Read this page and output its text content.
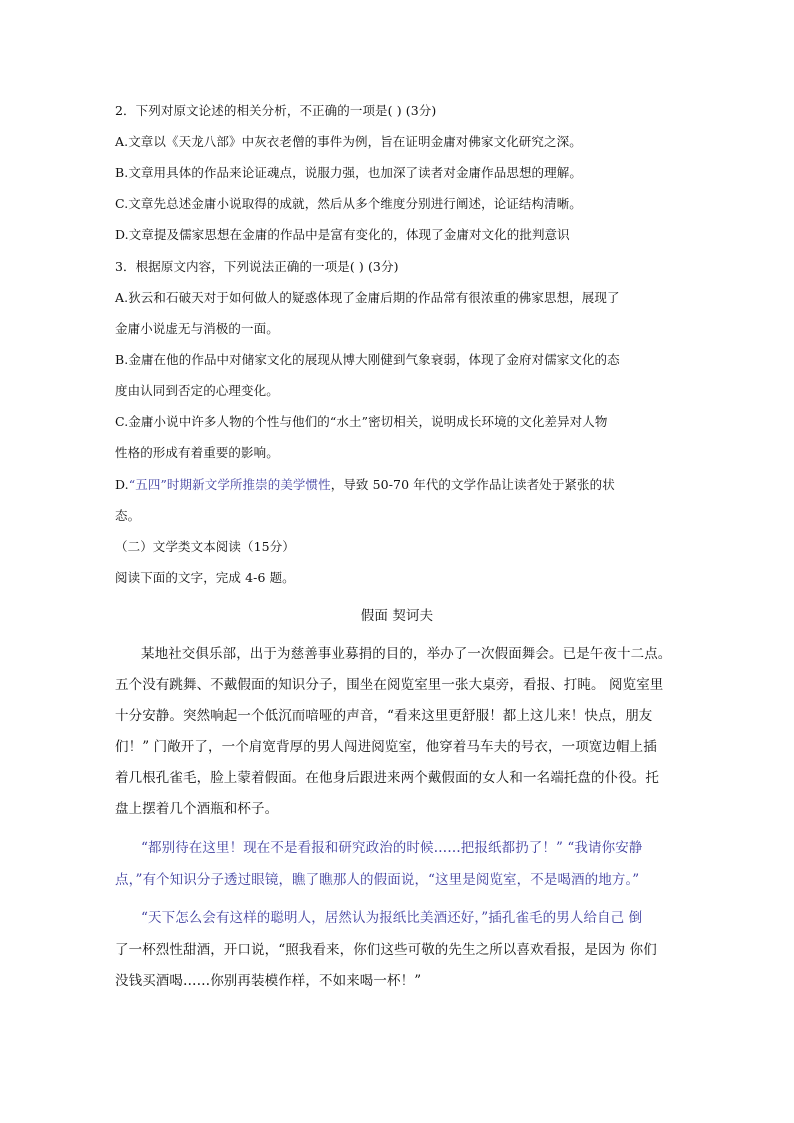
2．下列对原文论述的相关分析，不正确的一项是( ) (3分)
A.文章以《天龙八部》中灰衣老僧的事件为例，旨在证明金庸对佛家文化研究之深。
B.文章用具体的作品来论证魂点，说服力强，也加深了读者对金庸作品思想的理解。
C.文章先总述金庸小说取得的成就，然后从多个维度分别进行阐述，论证结构清晰。
D.文章提及儒家思想在金庸的作品中是富有变化的，体现了金庸对文化的批判意识
3．根据原文内容，下列说法正确的一项是( ) (3分)
A.狄云和石破天对于如何做人的疑惑体现了金庸后期的作品常有很浓重的佛家思想，展现了
金庸小说虚无与消极的一面。
B.金庸在他的作品中对储家文化的展现从博大刚健到气象衰弱，体现了金府对儒家文化的态
度由认同到否定的心理变化。
C.金庸小说中许多人物的个性与他们的“水土”密切相关，说明成长环境的文化差异对人物
性格的形成有着重要的影响。
D.“五四”时期新文学所推崇的美学惯性，导致 50-70 年代的文学作品让读者处于紧张的状
态。
（二）文学类文本阅读（15分）
阅读下面的文字，完成 4-6 题。
假面 契诃夫
某地社交俱乐部，出于为慈善事业募捐的目的，举办了一次假面舞会。已是午夜十二点。
五个没有跳舞、不戴假面的知识分子，围坐在阅览室里一张大桌旁，看报、打盹。 阅览室里
十分安静。突然响起一个低沉而喑哑的声音，“看来这里更舒服！都上这儿来！快点，朋友
们！” 门敞开了，一个肩宽背厚的男人闯进阅览室，他穿着马车夫的号衣，一项宽边帽上插
着几根孔雀毛，脸上蒙着假面。在他身后跟进来两个戴假面的女人和一名端托盘的仆役。托
盘上摆着几个酒瓶和杯子。
“都别待在这里！现在不是看报和研究政治的时候……把报纸都扔了！” “我请你安静
点，”有个知识分子透过眼镜，瞧了瞧那人的假面说，“这里是阅览室，不是喝酒的地方。”
“天下怎么会有这样的聪明人，居然认为报纸比美酒还好，”插孔雀毛的男人给自己 倒
了一杯烈性甜酒，开口说，“照我看来，你们这些可敬的先生之所以喜欢看报，是因为 你们
没钱买酒喝……你别再装模作样，不如来喝一杯！”
